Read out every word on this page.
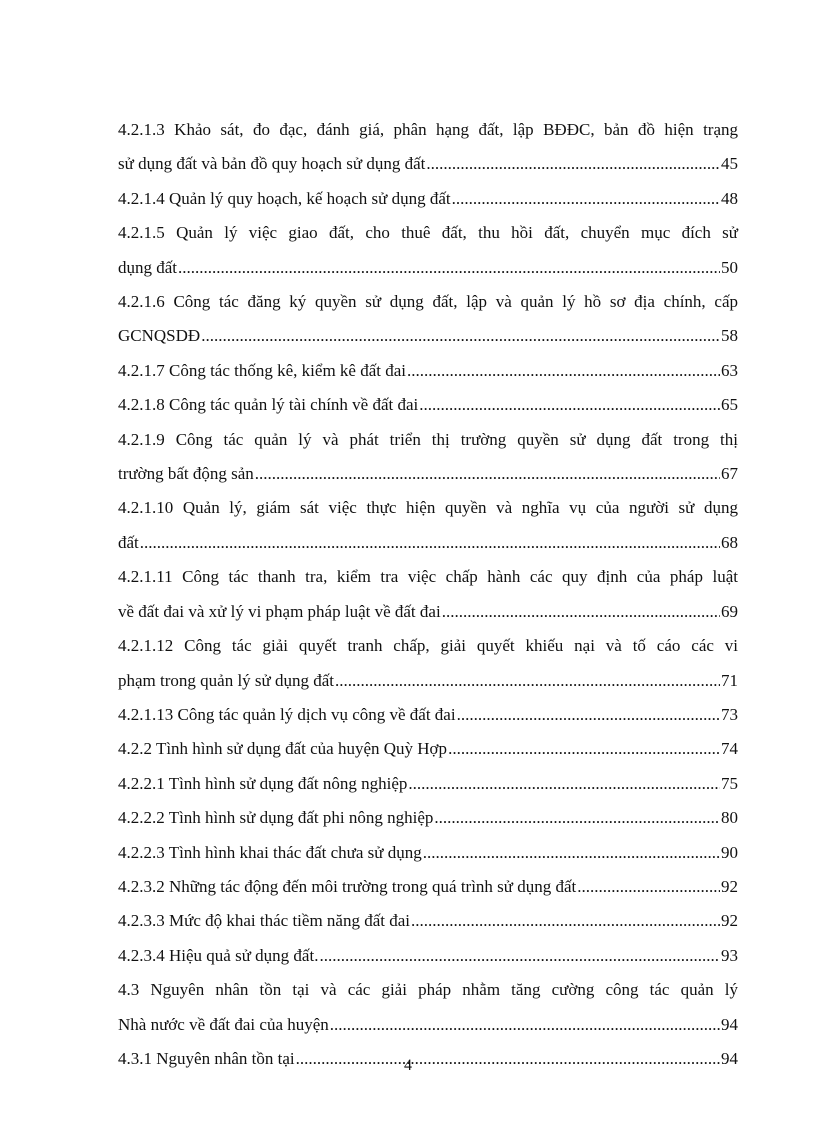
4.2.1.3 Khảo sát, đo đạc, đánh giá, phân hạng đất, lập BĐĐC, bản đồ hiện trạng
sử dụng đất và bản đồ quy hoạch sử dụng đất .....	45
4.2.1.4 Quản lý quy hoạch, kế hoạch sử dụng đất .....	48
4.2.1.5 Quản lý việc giao đất, cho thuê đất, thu hồi đất, chuyển mục đích sử
dụng đất .....	50
4.2.1.6 Công tác đăng ký quyền sử dụng đất, lập và quản lý hồ sơ địa chính, cấp
GCNQSDĐ .....	58
4.2.1.7 Công tác thống kê, kiểm kê đất đai .....	63
4.2.1.8 Công tác quản lý tài chính về đất đai .....	65
4.2.1.9 Công tác quản lý và phát triển thị trường quyền sử dụng đất trong thị
trường bất động sản .....	67
4.2.1.10 Quản lý, giám sát việc thực hiện quyền và nghĩa vụ của người sử dụng
đất .....	68
4.2.1.11 Công tác thanh tra, kiểm tra việc chấp hành các quy định của pháp luật
về đất đai và xử lý vi phạm pháp luật về đất đai .....	69
4.2.1.12 Công tác giải quyết tranh chấp, giải quyết khiếu nại và tố cáo các vi
phạm trong quản lý sử dụng đất .....	71
4.2.1.13 Công tác quản lý dịch vụ công về đất đai .....	73
4.2.2 Tình hình sử dụng đất của huyện Quỳ Hợp .....	74
4.2.2.1 Tình hình sử dụng đất nông nghiệp .....	75
4.2.2.2 Tình hình sử dụng đất phi nông nghiệp .....	80
4.2.2.3 Tình hình khai thác đất chưa sử dụng .....	90
4.2.3.2 Những tác động đến môi trường trong quá trình sử dụng đất .....	92
4.2.3.3 Mức độ khai thác tiềm năng đất đai .....	92
4.2.3.4 Hiệu quả sử dụng đất. .....	93
4.3 Nguyên nhân tồn tại và các giải pháp nhằm tăng cường công tác quản lý
Nhà nước về đất đai của huyện .....	94
4.3.1 Nguyên nhân tồn tại .....	94
4
